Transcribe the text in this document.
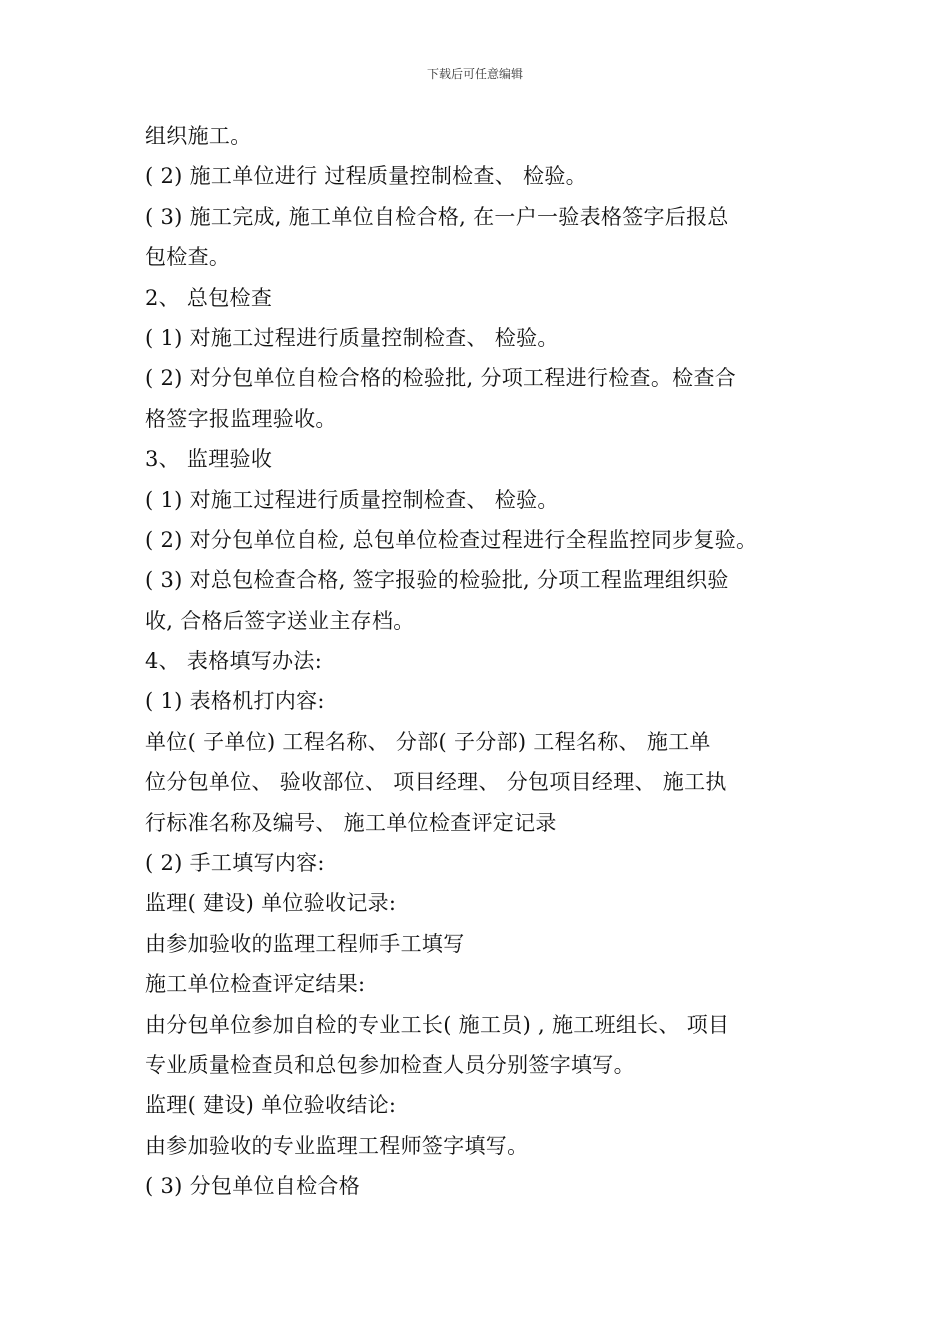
下载后可任意编辑
组织施工。
( 2) 施工单位进行 过程质量控制检查、 检验。
( 3) 施工完成, 施工单位自检合格, 在一户一验表格签字后报总
包检查。
2、 总包检查
( 1) 对施工过程进行质量控制检查、 检验。
( 2) 对分包单位自检合格的检验批, 分项工程进行检查。检查合
格签字报监理验收。
3、 监理验收
( 1) 对施工过程进行质量控制检查、 检验。
( 2) 对分包单位自检, 总包单位检查过程进行全程监控同步复验。
( 3) 对总包检查合格, 签字报验的检验批, 分项工程监理组织验
收, 合格后签字送业主存档。
4、 表格填写办法:
( 1) 表格机打内容:
单位( 子单位) 工程名称、 分部( 子分部) 工程名称、 施工单
位分包单位、 验收部位、 项目经理、 分包项目经理、 施工执
行标准名称及编号、 施工单位检查评定记录
( 2) 手工填写内容:
监理( 建设) 单位验收记录:
由参加验收的监理工程师手工填写
施工单位检查评定结果:
由分包单位参加自检的专业工长( 施工员) , 施工班组长、 项目
专业质量检查员和总包参加检查人员分别签字填写。
监理( 建设) 单位验收结论:
由参加验收的专业监理工程师签字填写。
( 3) 分包单位自检合格
